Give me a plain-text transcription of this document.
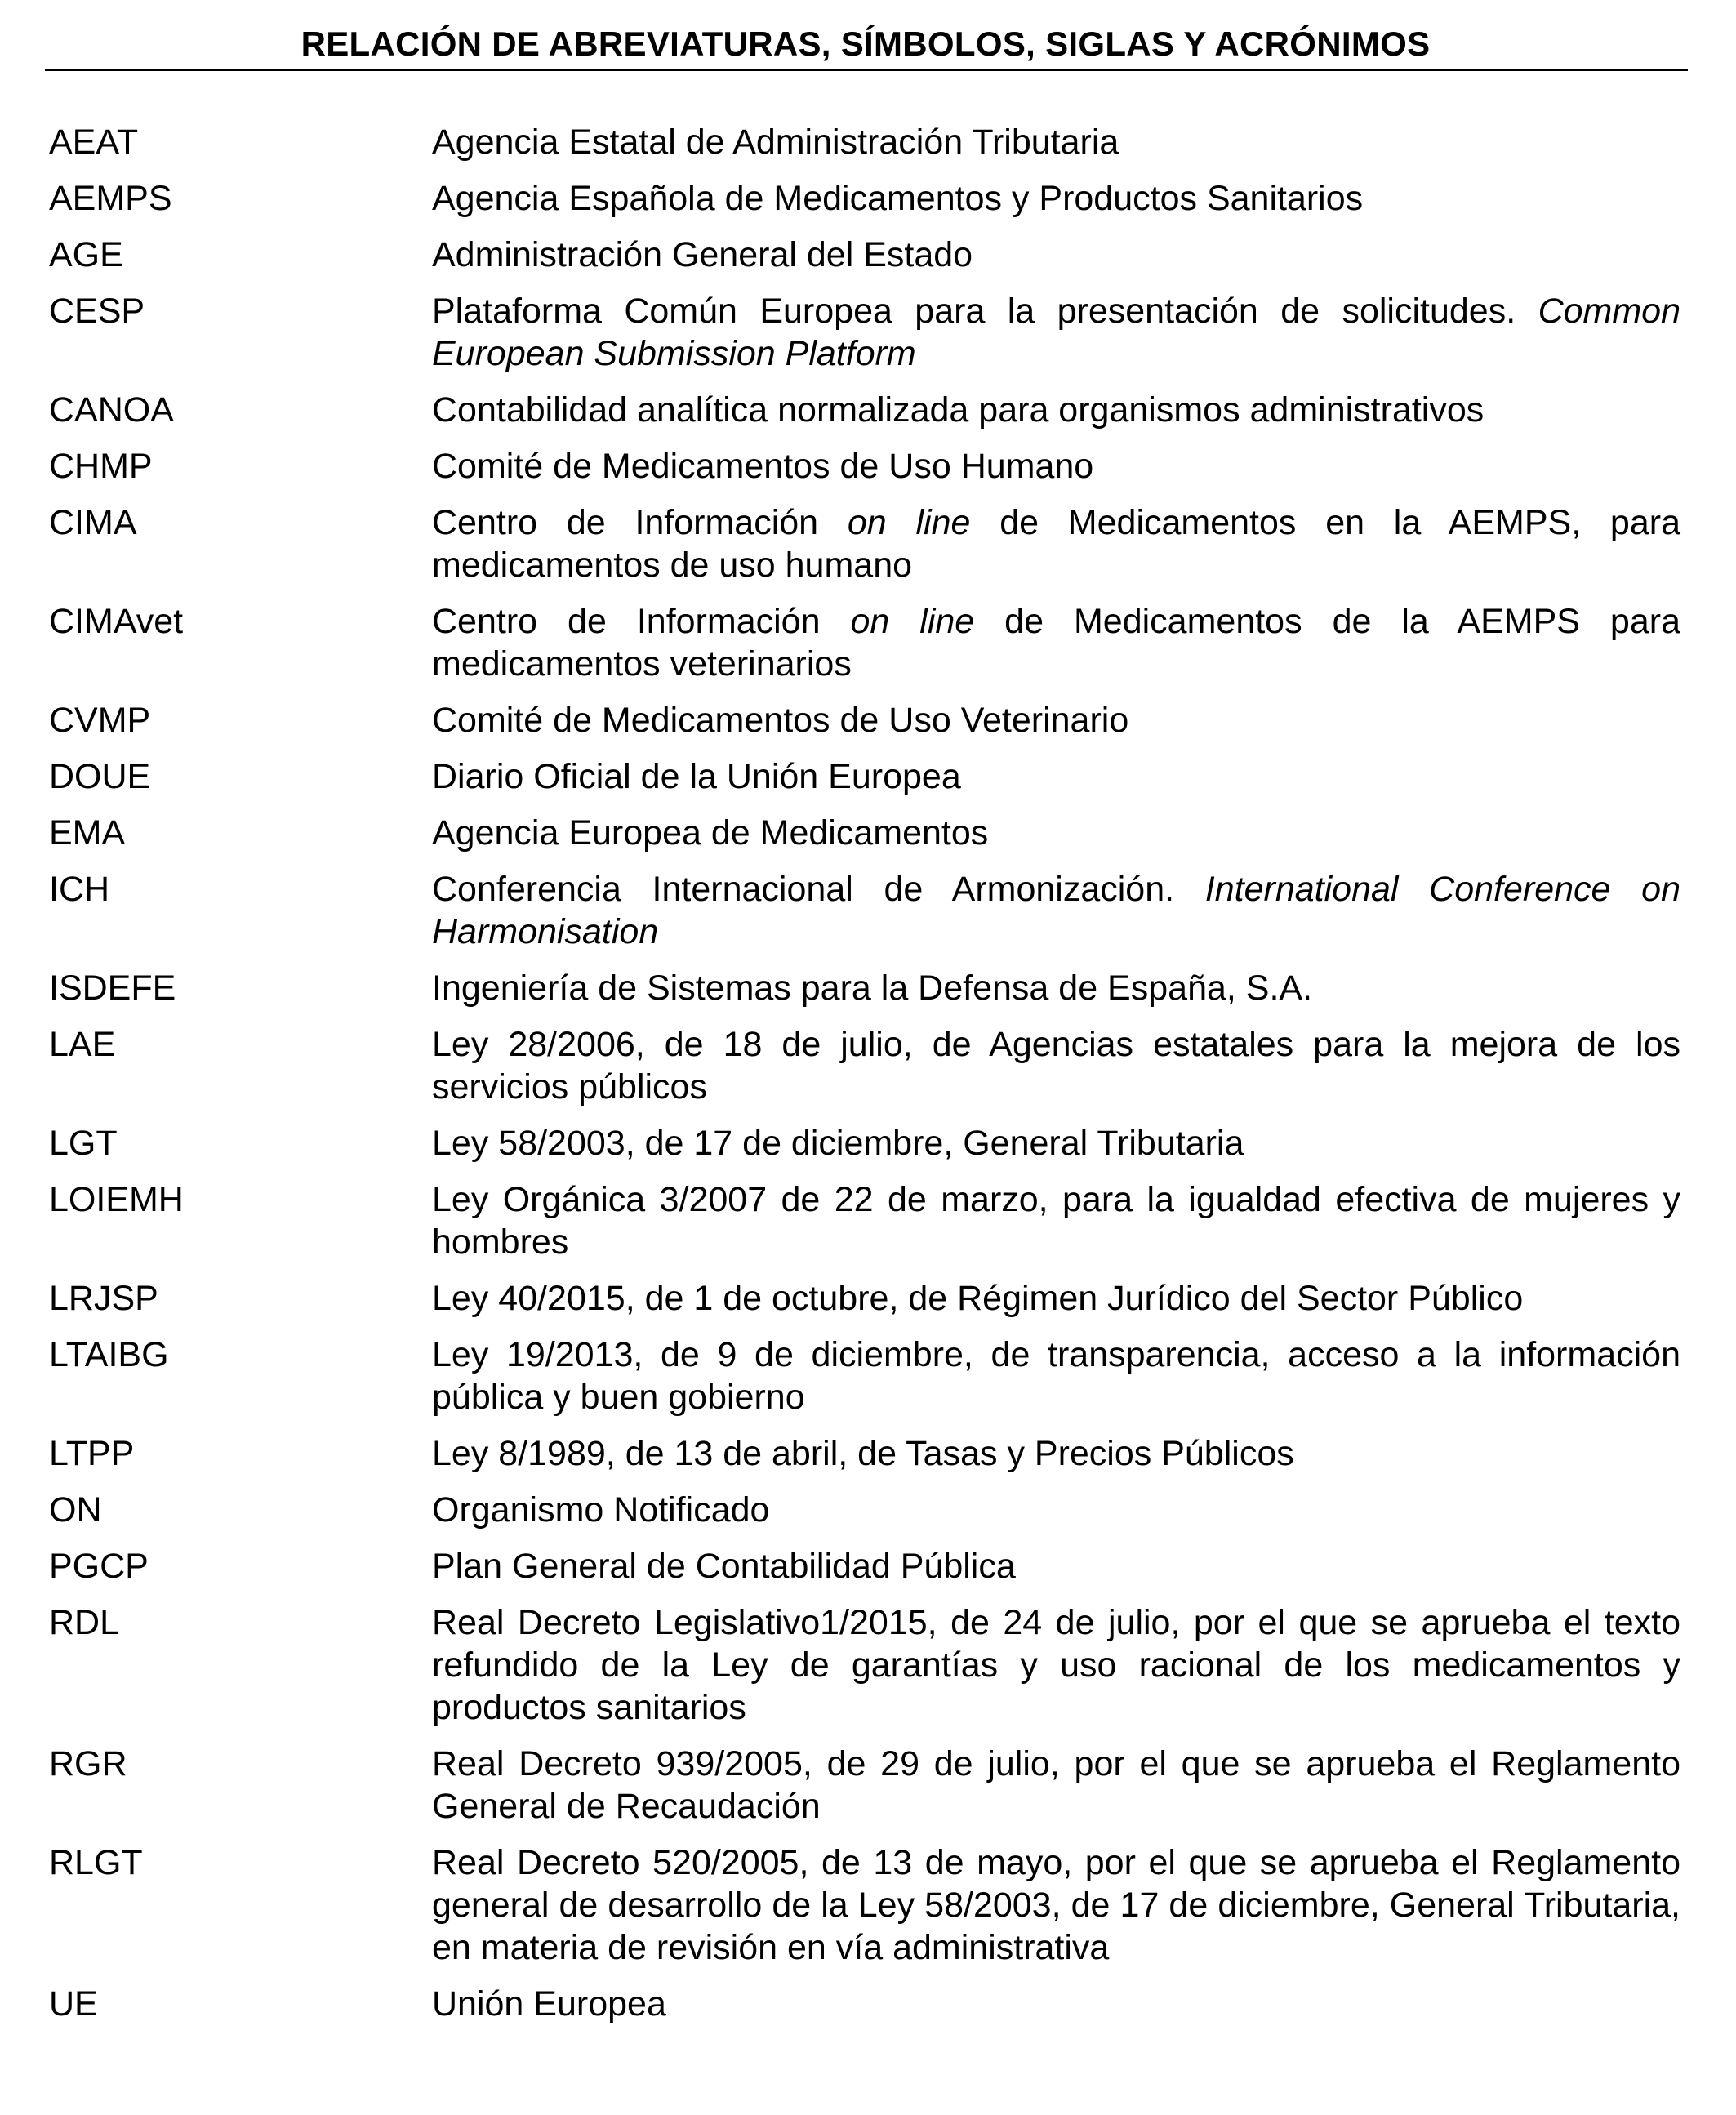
RELACIÓN DE ABREVIATURAS, SÍMBOLOS, SIGLAS Y ACRÓNIMOS
AEAT	Agencia Estatal de Administración Tributaria
AEMPS	Agencia Española de Medicamentos y Productos Sanitarios
AGE	Administración General del Estado
CESP	Plataforma Común Europea para la presentación de solicitudes. Common European Submission Platform
CANOA	Contabilidad analítica normalizada para organismos administrativos
CHMP	Comité de Medicamentos de Uso Humano
CIMA	Centro de Información on line de Medicamentos en la AEMPS, para medicamentos de uso humano
CIMAvet	Centro de Información on line de Medicamentos de la AEMPS para medicamentos veterinarios
CVMP	Comité de Medicamentos de Uso Veterinario
DOUE	Diario Oficial de la Unión Europea
EMA	Agencia Europea de Medicamentos
ICH	Conferencia Internacional de Armonización. International Conference on Harmonisation
ISDEFE	Ingeniería de Sistemas para la Defensa de España, S.A.
LAE	Ley 28/2006, de 18 de julio, de Agencias estatales para la mejora de los servicios públicos
LGT	Ley 58/2003, de 17 de diciembre, General Tributaria
LOIEMH	Ley Orgánica 3/2007 de 22 de marzo, para la igualdad efectiva de mujeres y hombres
LRJSP	Ley 40/2015, de 1 de octubre, de Régimen Jurídico del Sector Público
LTAIBG	Ley 19/2013, de 9 de diciembre, de transparencia, acceso a la información pública y buen gobierno
LTPP	Ley 8/1989, de 13 de abril, de Tasas y Precios Públicos
ON	Organismo Notificado
PGCP	Plan General de Contabilidad Pública
RDL	Real Decreto Legislativo1/2015, de 24 de julio, por el que se aprueba el texto refundido de la Ley de garantías y uso racional de los medicamentos y productos sanitarios
RGR	Real Decreto 939/2005, de 29 de julio, por el que se aprueba el Reglamento General de Recaudación
RLGT	Real Decreto 520/2005, de 13 de mayo, por el que se aprueba el Reglamento general de desarrollo de la Ley 58/2003, de 17 de diciembre, General Tributaria, en materia de revisión en vía administrativa
UE	Unión Europea
